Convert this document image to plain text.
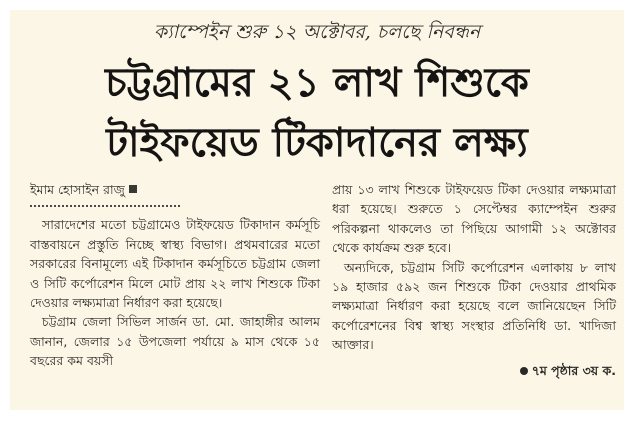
ক্যাম্পেইন শুরু ১২ অক্টোবর, চলছে নিবন্ধন
চট্টগ্রামের ২১ লাখ শিশুকে
টাইফয়েড টিকাদানের লক্ষ্য
ইমাম হোসাইন রাজু

সারাদেশের মতো চট্টগ্রামেও টাইফয়েড টিকাদান কর্মসূচি বাস্তবায়নে প্রস্তুতি নিচ্ছে স্বাস্থ্য বিভাগ। প্রথমবারের মতো সরকারের বিনামূল্যে এই টিকাদান কর্মসূচিতে চট্টগ্রাম জেলা ও সিটি কর্পোরেশন মিলে মোট প্রায় ২২ লাখ শিশুকে টিকা দেওয়ার লক্ষ্যমাত্রা নির্ধারণ করা হয়েছে।

চট্টগ্রাম জেলা সিভিল সার্জন ডা. মো. জাহাঙ্গীর আলম জানান, জেলার ১৫ উপজেলা পর্যায়ে ৯ মাস থেকে ১৫ বছরের কম বয়সী

প্রায় ১৩ লাখ শিশুকে টাইফয়েড টিকা দেওয়ার লক্ষ্যমাত্রা ধরা হয়েছে। শুরুতে ১ সেপ্টেম্বর ক্যাম্পেইন শুরুর পরিকল্পনা থাকলেও তা পিছিয়ে আগামী ১২ অক্টোবর থেকে কার্যক্রম শুরু হবে।

অন্যদিকে, চট্টগ্রাম সিটি কর্পোরেশন এলাকায় ৮ লাখ ১৯ হাজার ৫৯২ জন শিশুকে টিকা দেওয়ার প্রাথমিক লক্ষ্যমাত্রা নির্ধারণ করা হয়েছে বলে জানিয়েছেন সিটি কর্পোরেশনের বিশ্ব স্বাস্থ্য সংস্থার প্রতিনিধি ডা. খাদিজা আক্তার।

৭ম পৃষ্ঠার ৩য় ক.
